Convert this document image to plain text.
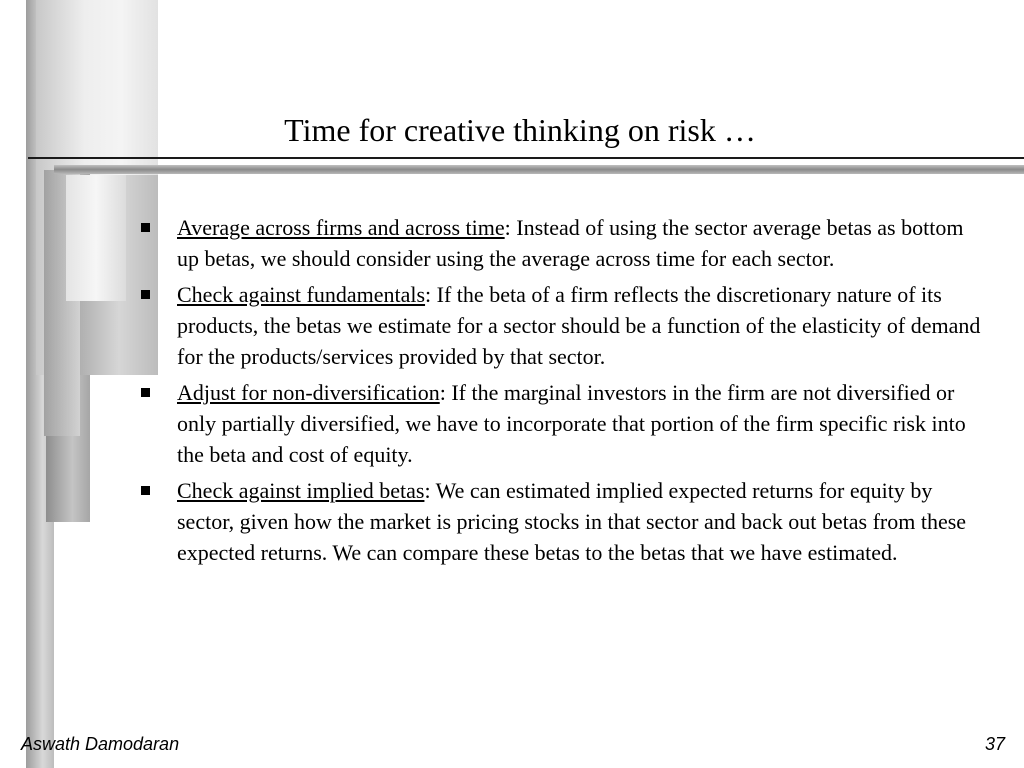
Time for creative thinking on risk …
Average across firms and across time: Instead of using the sector average betas as bottom up betas, we should consider using the average across time for each sector.
Check against fundamentals: If the beta of a firm reflects the discretionary nature of its products, the betas we estimate for a sector should be a function of the elasticity of demand for the products/services provided by that sector.
Adjust for non-diversification: If the marginal investors in the firm are not diversified or only partially diversified, we have to incorporate that portion of the firm specific risk into the beta and cost of equity.
Check against implied betas: We can estimated implied expected returns for equity by sector, given how the market is pricing stocks in that sector and back out betas from these expected returns. We can compare these betas to the betas that we have estimated.
Aswath Damodaran	37
